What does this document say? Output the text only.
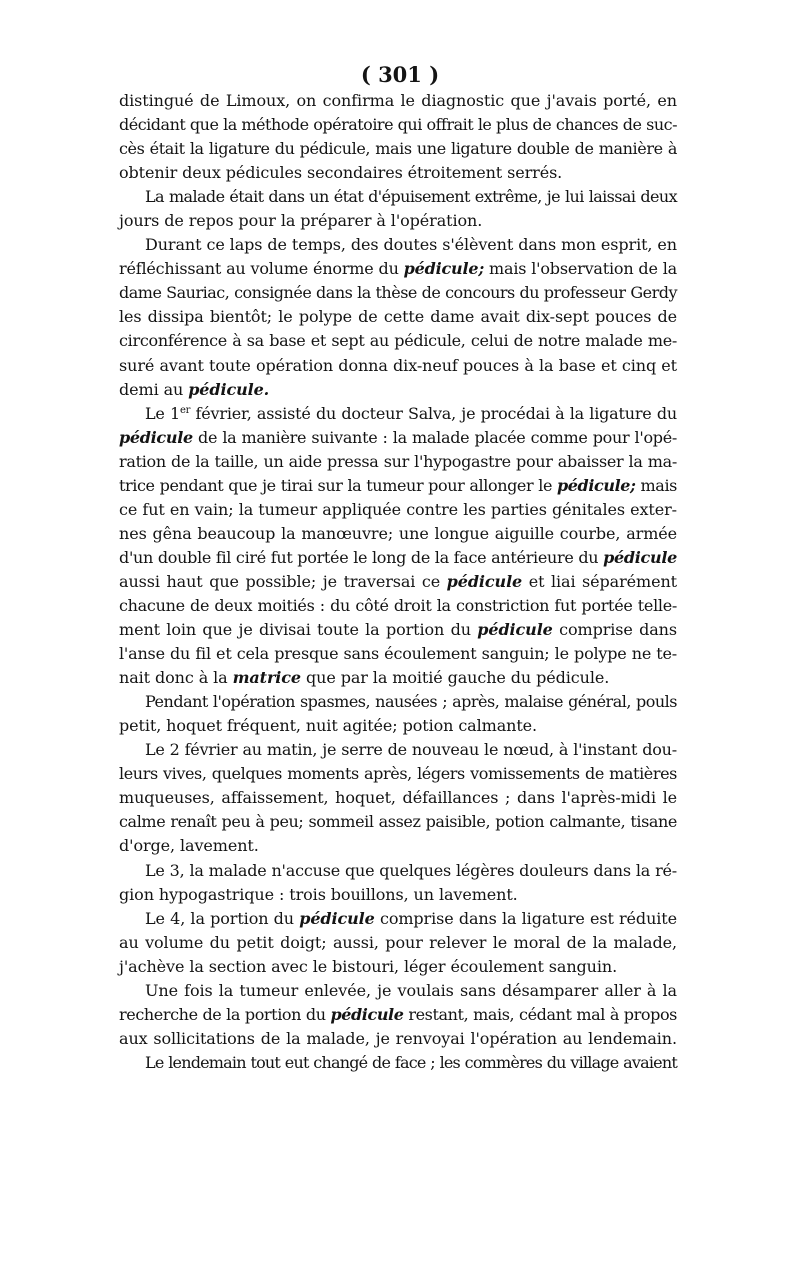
( 301 )

distingué de Limoux, on confirma le diagnostic que j'avais porté, en

décidant que la méthode opératoire qui offrait le plus de chances de suc-

cès était la ligature du pédicule, mais une ligature double de manière à

obtenir deux pédicules secondaires étroitement serrés.

La malade était dans un état d'épuisement extrême, je lui laissai deux

jours de repos pour la préparer à l'opération.

Durant ce laps de temps, des doutes s'élèvent dans mon esprit, en

réfléchissant au volume énorme du pédicule; mais l'observation de la

dame Sauriac, consignée dans la thèse de concours du professeur Gerdy

les dissipa bientôt; le polype de cette dame avait dix-sept pouces de

circonférence à sa base et sept au pédicule, celui de notre malade me-

suré avant toute opération donna dix-neuf pouces à la base et cinq et

demi au pédicule.

Le 1er février, assisté du docteur Salva, je procédai à la ligature du

pédicule de la manière suivante : la malade placée comme pour l'opé-

ration de la taille, un aide pressa sur l'hypogastre pour abaisser la ma-

trice pendant que je tirai sur la tumeur pour allonger le pédicule; mais

ce fut en vain; la tumeur appliquée contre les parties génitales exter-

nes gêna beaucoup la manœuvre; une longue aiguille courbe, armée

d'un double fil ciré fut portée le long de la face antérieure du pédicule

aussi haut que possible; je traversai ce pédicule et liai séparément

chacune de deux moitiés : du côté droit la constriction fut portée telle-

ment loin que je divisai toute la portion du pédicule comprise dans

l'anse du fil et cela presque sans écoulement sanguin; le polype ne te-

nait donc à la matrice que par la moitié gauche du pédicule.

Pendant l'opération spasmes, nausées ; après, malaise général, pouls

petit, hoquet fréquent, nuit agitée; potion calmante.

Le 2 février au matin, je serre de nouveau le nœud, à l'instant dou-

leurs vives, quelques moments après, légers vomissements de matières

muqueuses, affaissement, hoquet, défaillances ; dans l'après-midi le

calme renaît peu à peu; sommeil assez paisible, potion calmante, tisane

d'orge, lavement.

Le 3, la malade n'accuse que quelques légères douleurs dans la ré-

gion hypogastrique : trois bouillons, un lavement.

Le 4, la portion du pédicule comprise dans la ligature est réduite

au volume du petit doigt; aussi, pour relever le moral de la malade,

j'achève la section avec le bistouri, léger écoulement sanguin.

Une fois la tumeur enlevée, je voulais sans désamparer aller à la

recherche de la portion du pédicule restant, mais, cédant mal à propos

aux sollicitations de la malade, je renvoyai l'opération au lendemain.

Le lendemain tout eut changé de face ; les commères du village avaient
